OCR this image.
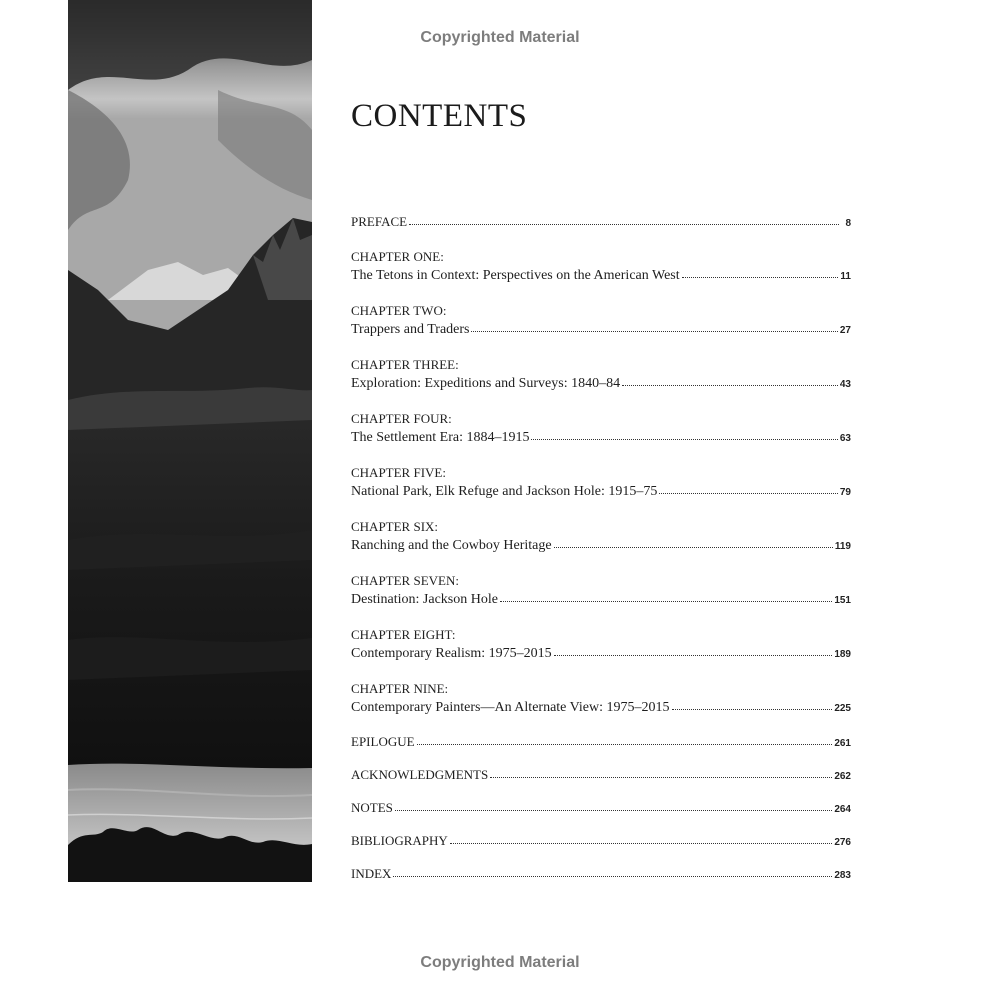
Copyrighted Material
CONTENTS
PREFACE	8
CHAPTER ONE:
The Tetons in Context: Perspectives on the American West	11
CHAPTER TWO:
Trappers and Traders	27
CHAPTER THREE:
Exploration: Expeditions and Surveys: 1840–84	43
CHAPTER FOUR:
The Settlement Era: 1884–1915	63
CHAPTER FIVE:
National Park, Elk Refuge and Jackson Hole: 1915–75	79
CHAPTER SIX:
Ranching and the Cowboy Heritage	119
CHAPTER SEVEN:
Destination: Jackson Hole	151
CHAPTER EIGHT:
Contemporary Realism: 1975–2015	189
CHAPTER NINE:
Contemporary Painters—An Alternate View: 1975–2015	225
EPILOGUE	261
ACKNOWLEDGMENTS	262
NOTES	264
BIBLIOGRAPHY	276
INDEX	283
Copyrighted Material
